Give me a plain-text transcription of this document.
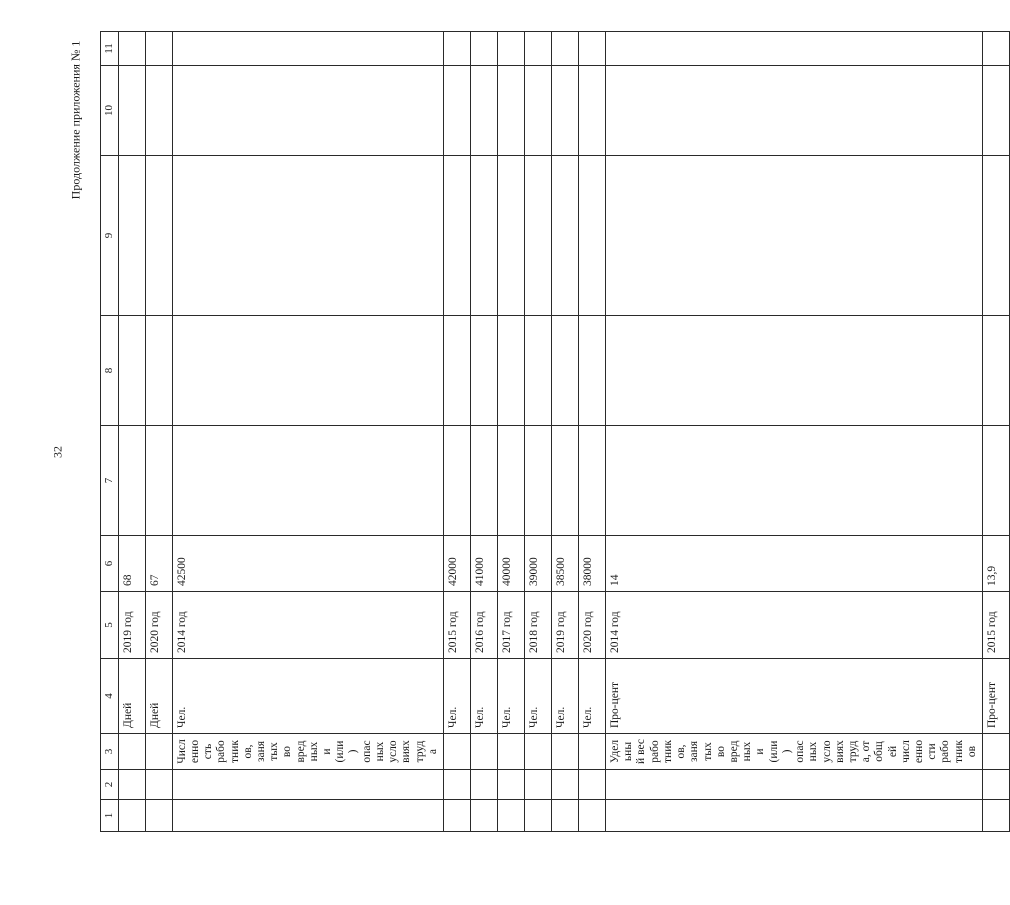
32
Продолжение приложения № 1
1	2	3	4	5	6	7	8	9	10	11
			Дней	2019 год	68					
			Дней	2020 год	67					
		Численность работников, занятых во вредных и (или) опасных условиях труда	Чел.	2014 год	42500					
			Чел.	2015 год	42000					
			Чел.	2016 год	41000					
			Чел.	2017 год	40000					
			Чел.	2018 год	39000					
			Чел.	2019 год	38500					
			Чел.	2020 год	38000					
		Удельный вес работников, занятых во вредных и (или) опасных условиях труда, от общей численности работников	Про-цент	2014 год	14					
			Про-цент	2015 год	13,9					
